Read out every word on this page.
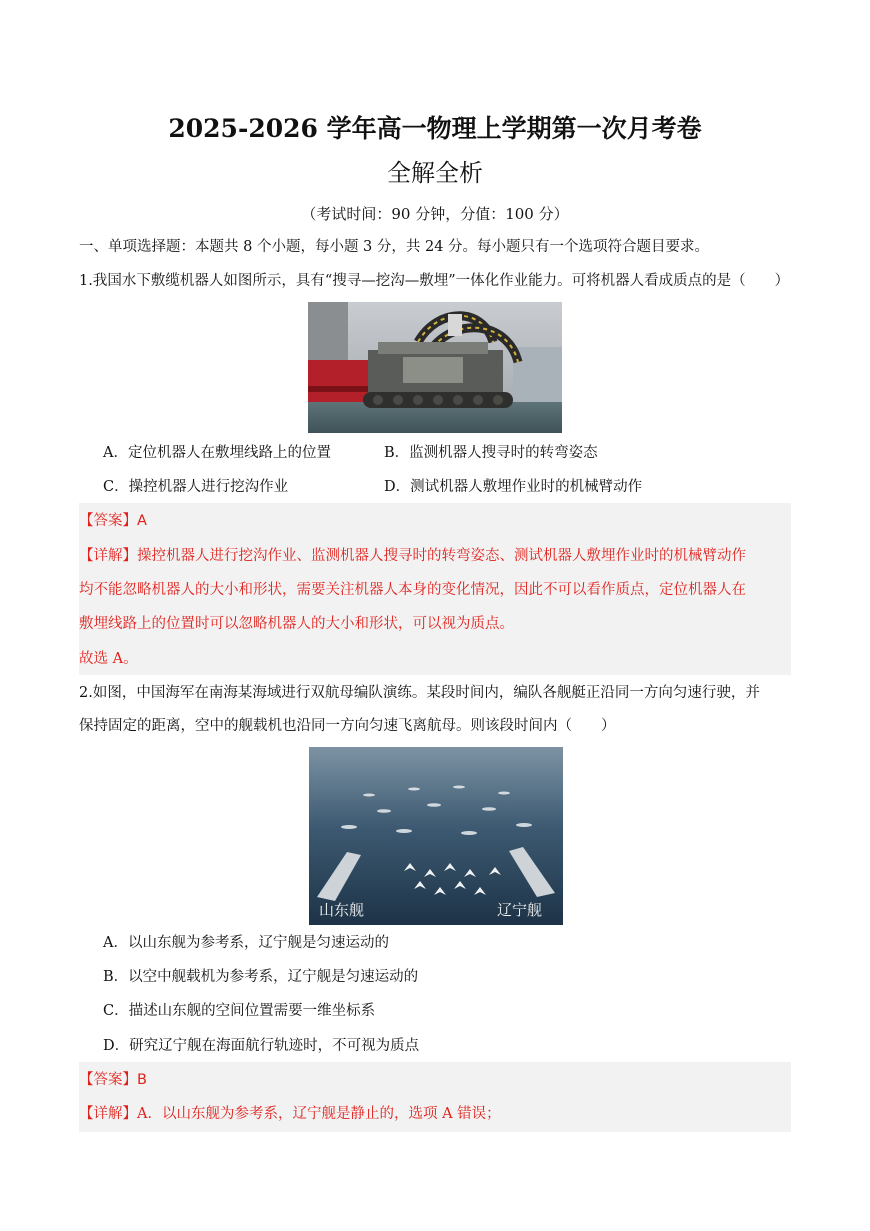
2025-2026 学年高一物理上学期第一次月考卷
全解全析
（考试时间：90 分钟，分值：100 分）
一、单项选择题：本题共 8 个小题，每小题 3 分，共 24 分。每小题只有一个选项符合题目要求。
1.我国水下敷缆机器人如图所示，具有“搜寻—挖沟—敷埋”一体化作业能力。可将机器人看成质点的是（　　）
A．定位机器人在敷埋线路上的位置	B．监测机器人搜寻时的转弯姿态
C．操控机器人进行挖沟作业	D．测试机器人敷埋作业时的机械臂动作
【答案】A
【详解】操控机器人进行挖沟作业、监测机器人搜寻时的转弯姿态、测试机器人敷埋作业时的机械臂动作
均不能忽略机器人的大小和形状，需要关注机器人本身的变化情况，因此不可以看作质点，定位机器人在
敷埋线路上的位置时可以忽略机器人的大小和形状，可以视为质点。
故选 A。
2.如图，中国海军在南海某海域进行双航母编队演练。某段时间内，编队各舰艇正沿同一方向匀速行驶，并
保持固定的距离，空中的舰载机也沿同一方向匀速飞离航母。则该段时间内（　　）
山东舰	辽宁舰
A．以山东舰为参考系，辽宁舰是匀速运动的
B．以空中舰载机为参考系，辽宁舰是匀速运动的
C．描述山东舰的空间位置需要一维坐标系
D．研究辽宁舰在海面航行轨迹时，不可视为质点
【答案】B
【详解】A．以山东舰为参考系，辽宁舰是静止的，选项 A 错误；
